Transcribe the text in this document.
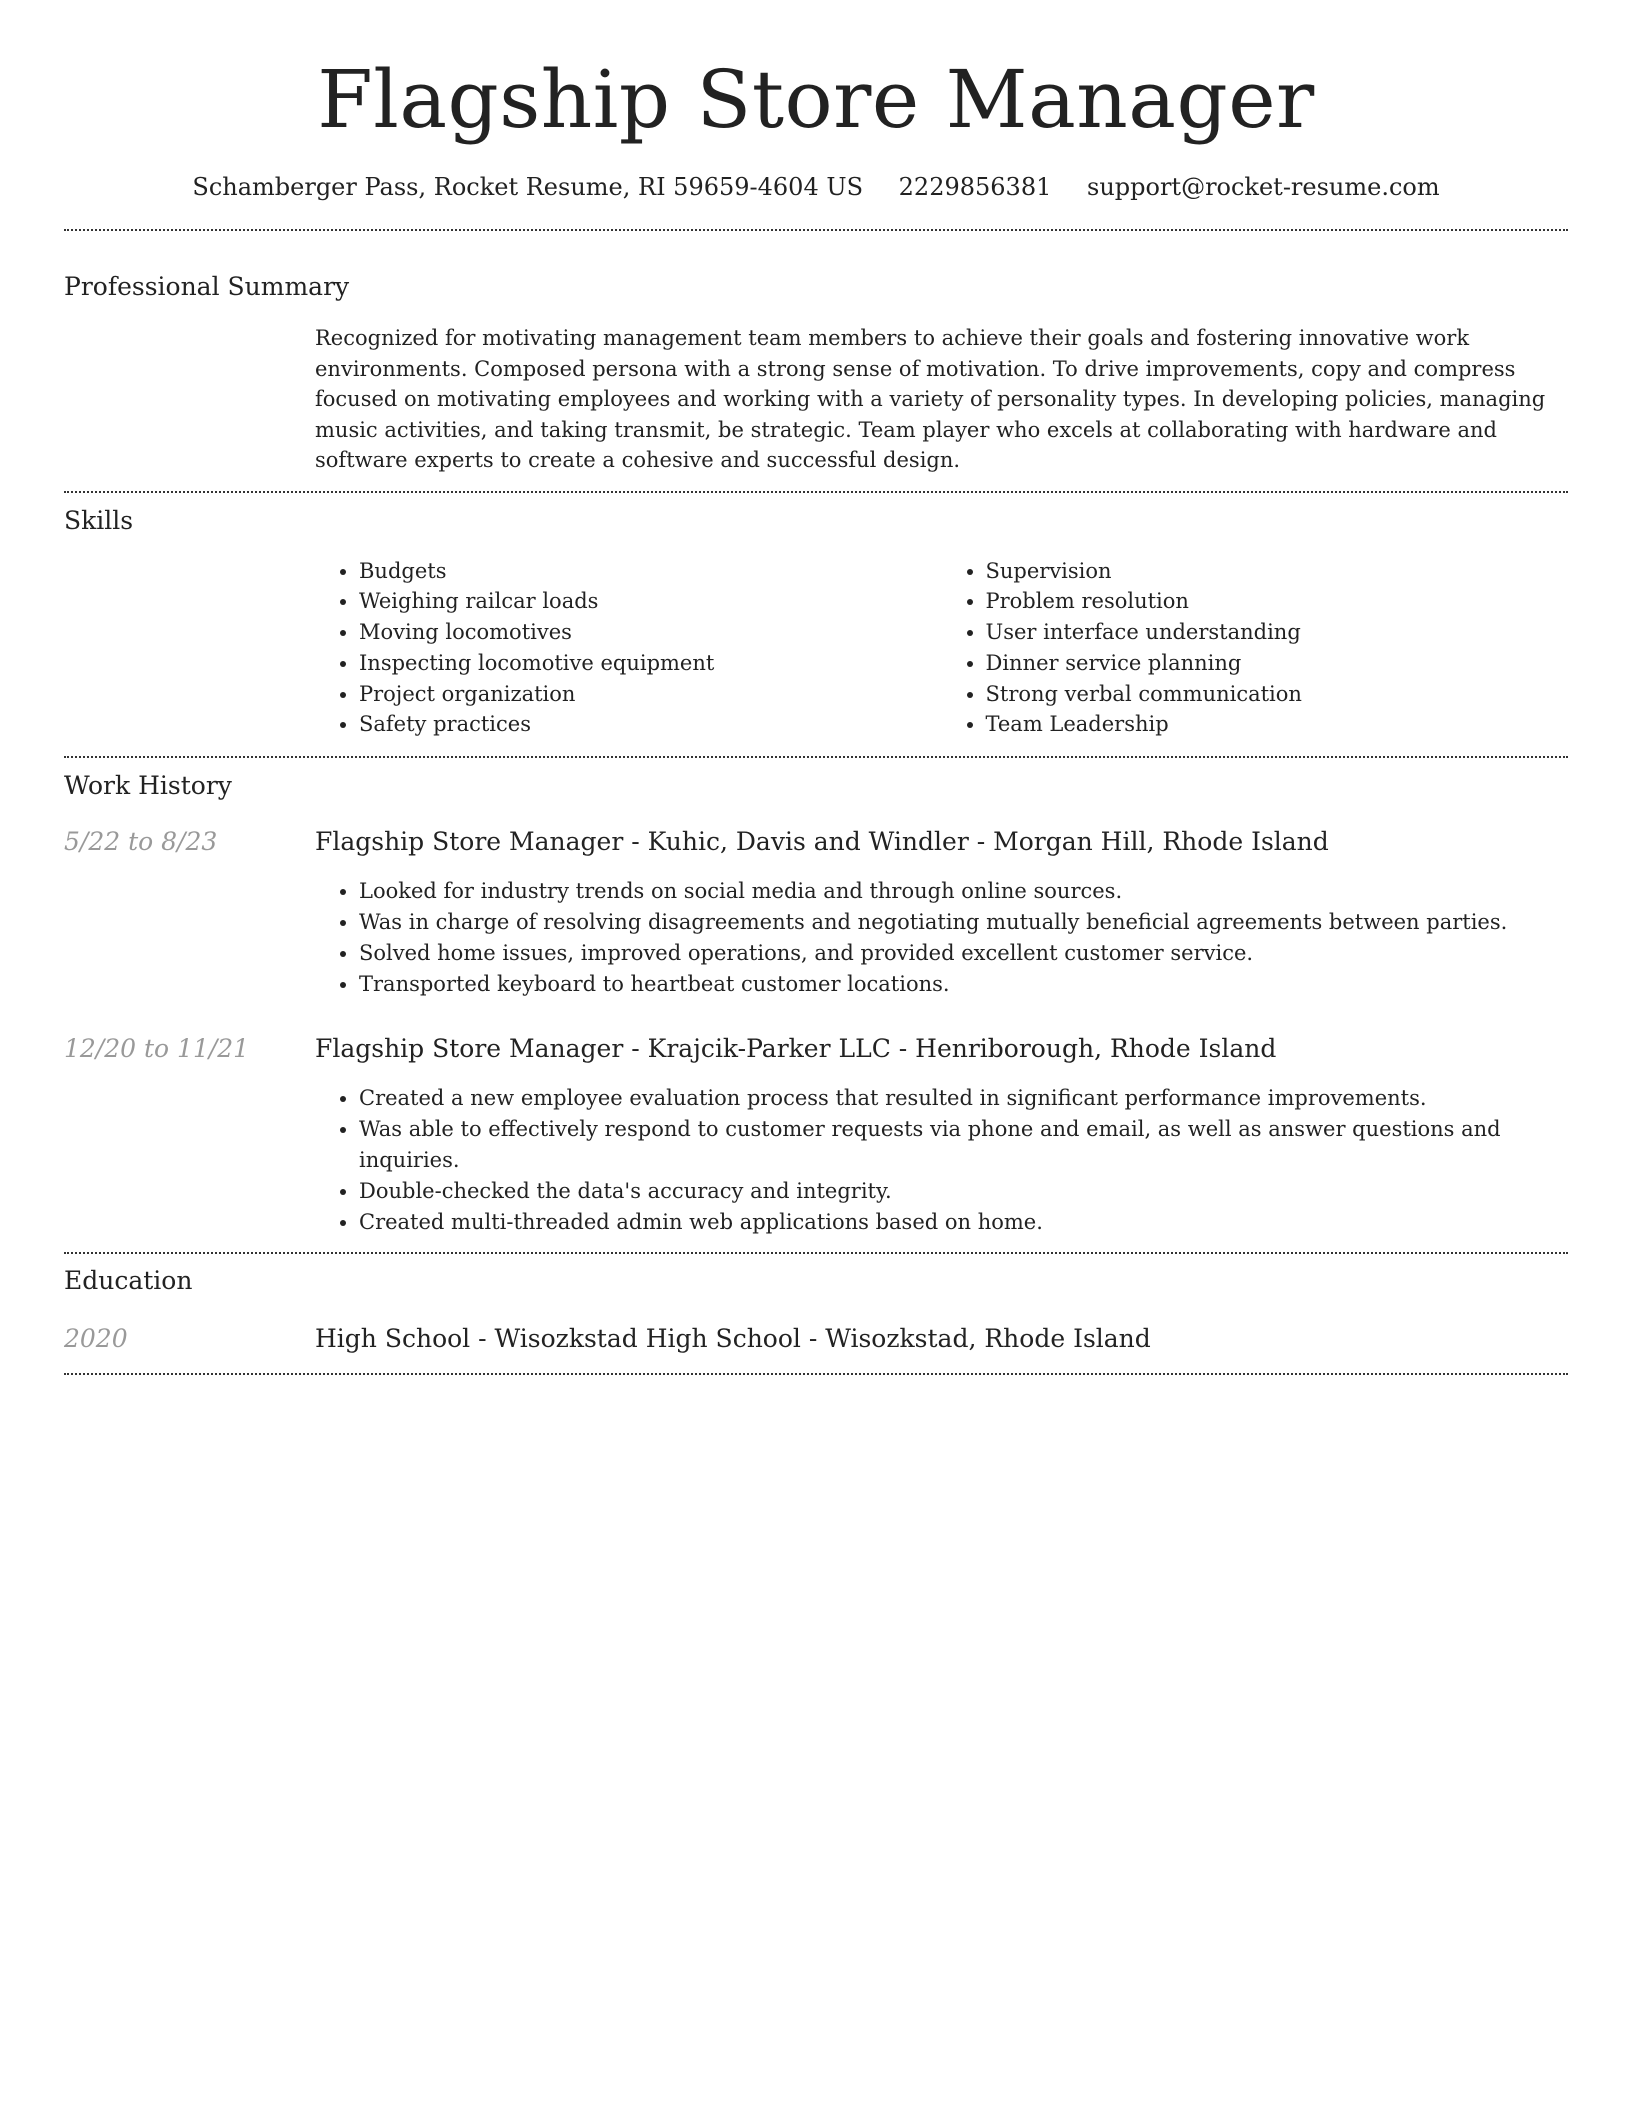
Flagship Store Manager
Schamberger Pass, Rocket Resume, RI 59659-4604 US 2229856381 support@rocket-resume.com
Professional Summary

Recognized for motivating management team members to achieve their goals and fostering innovative work environments. Composed persona with a strong sense of motivation. To drive improvements, copy and compress focused on motivating employees and working with a variety of personality types. In developing policies, managing music activities, and taking transmit, be strategic. Team player who excels at collaborating with hardware and software experts to create a cohesive and successful design.

Skills
• Budgets
• Weighing railcar loads
• Moving locomotives
• Inspecting locomotive equipment
• Project organization
• Safety practices
• Supervision
• Problem resolution
• User interface understanding
• Dinner service planning
• Strong verbal communication
• Team Leadership
Work History
5/22 to 8/23	Flagship Store Manager - Kuhic, Davis and Windler - Morgan Hill, Rhode Island
• Looked for industry trends on social media and through online sources.
• Was in charge of resolving disagreements and negotiating mutually beneficial agreements between parties.
• Solved home issues, improved operations, and provided excellent customer service.
• Transported keyboard to heartbeat customer locations.
12/20 to 11/21	Flagship Store Manager - Krajcik-Parker LLC - Henriborough, Rhode Island
• Created a new employee evaluation process that resulted in significant performance improvements.
• Was able to effectively respond to customer requests via phone and email, as well as answer questions and inquiries.
• Double-checked the data's accuracy and integrity.
• Created multi-threaded admin web applications based on home.
Education
2020	High School - Wisozkstad High School - Wisozkstad, Rhode Island
